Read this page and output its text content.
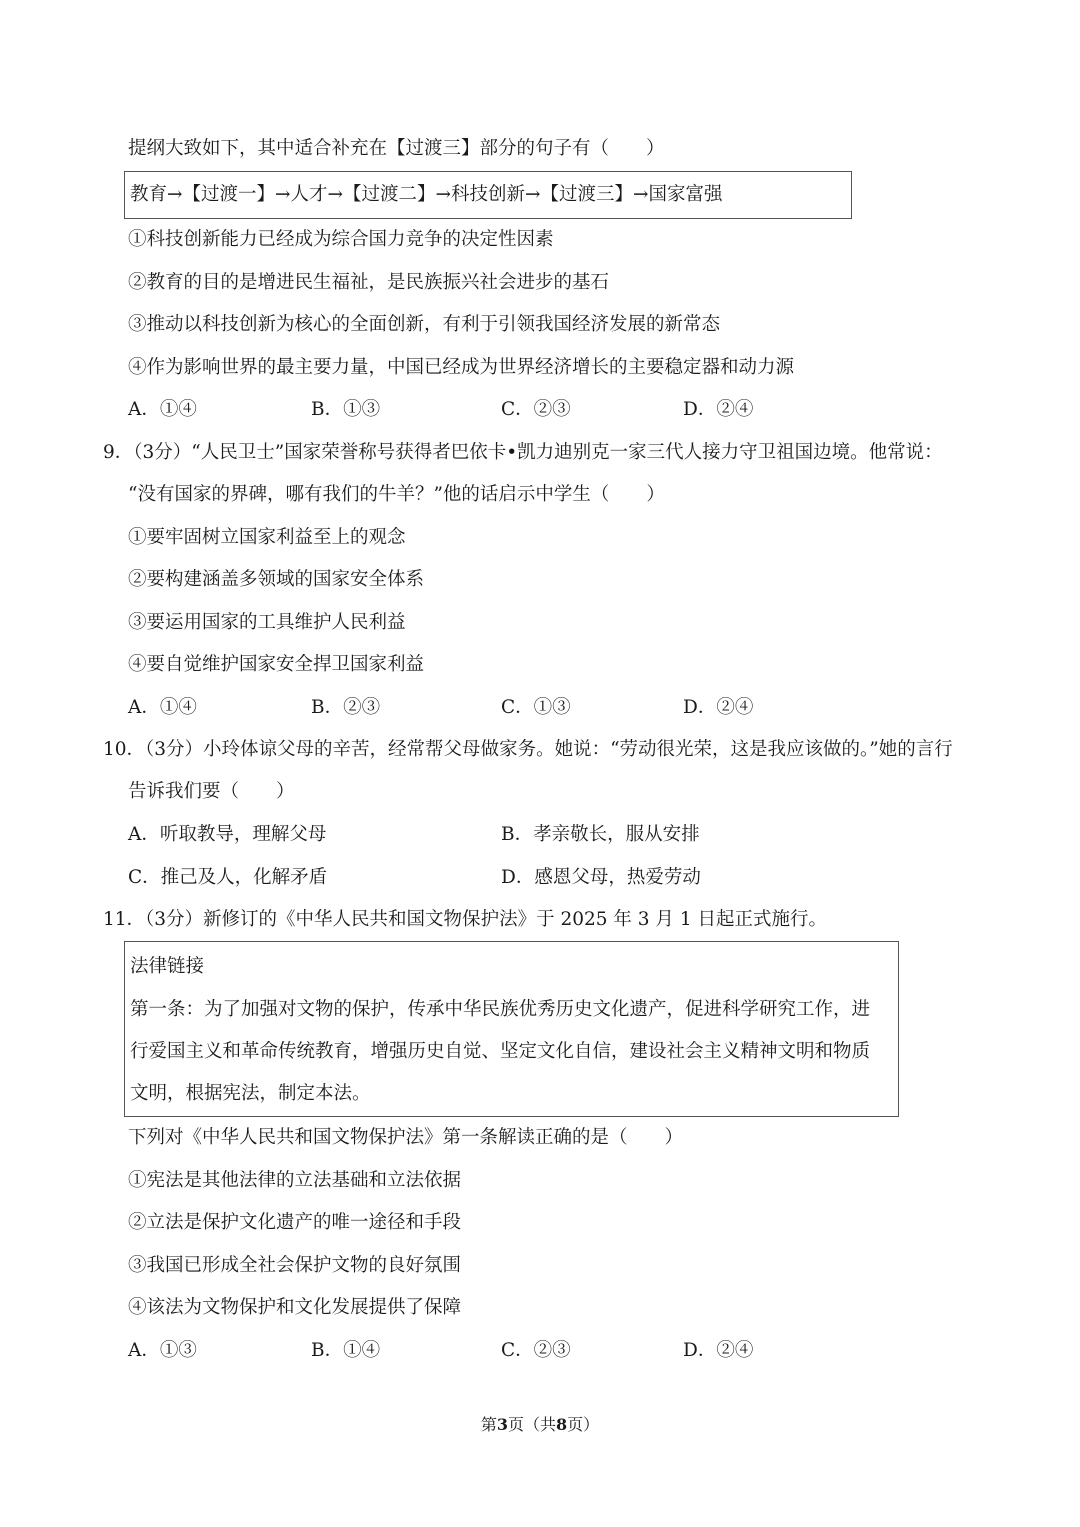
提纲大致如下，其中适合补充在【过渡三】部分的句子有（　　）
教育→【过渡一】→人才→【过渡二】→科技创新→【过渡三】→国家富强
①科技创新能力已经成为综合国力竞争的决定性因素
②教育的目的是增进民生福祉，是民族振兴社会进步的基石
③推动以科技创新为核心的全面创新，有利于引领我国经济发展的新常态
④作为影响世界的最主要力量，中国已经成为世界经济增长的主要稳定器和动力源
A．①④	B．①③	C．②③	D．②④
9．（3分）“人民卫士”国家荣誉称号获得者巴依卡•凯力迪别克一家三代人接力守卫祖国边境。他常说：
“没有国家的界碑，哪有我们的牛羊？”他的话启示中学生（　　）
①要牢固树立国家利益至上的观念
②要构建涵盖多领域的国家安全体系
③要运用国家的工具维护人民利益
④要自觉维护国家安全捍卫国家利益
A．①④	B．②③	C．①③	D．②④
10．（3分）小玲体谅父母的辛苦，经常帮父母做家务。她说：“劳动很光荣，这是我应该做的。”她的言行
告诉我们要（　　）
A．听取教导，理解父母	B．孝亲敬长，服从安排
C．推己及人，化解矛盾	D．感恩父母，热爱劳动
11．（3分）新修订的《中华人民共和国文物保护法》于 2025 年 3 月 1 日起正式施行。
法律链接
第一条：为了加强对文物的保护，传承中华民族优秀历史文化遗产，促进科学研究工作，进
行爱国主义和革命传统教育，增强历史自觉、坚定文化自信，建设社会主义精神文明和物质
文明，根据宪法，制定本法。
下列对《中华人民共和国文物保护法》第一条解读正确的是（　　）
①宪法是其他法律的立法基础和立法依据
②立法是保护文化遗产的唯一途径和手段
③我国已形成全社会保护文物的良好氛围
④该法为文物保护和文化发展提供了保障
A．①③	B．①④	C．②③	D．②④
第3页（共8页）
